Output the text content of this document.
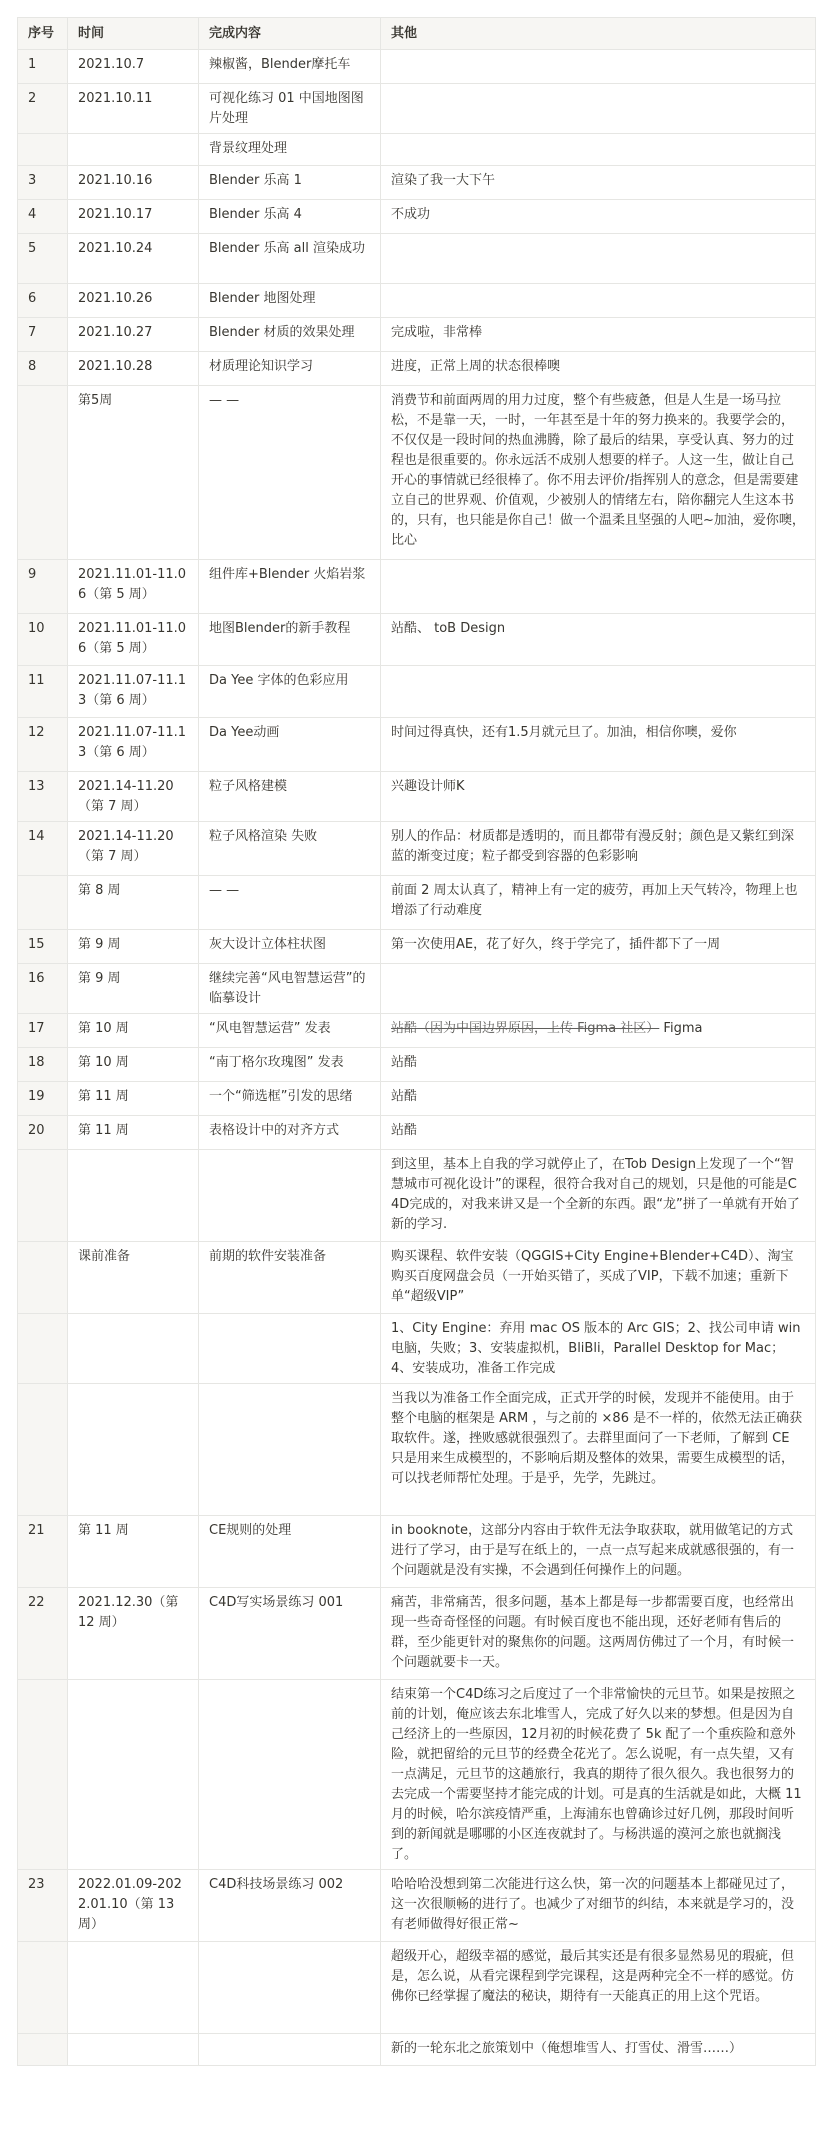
序号	时间	完成内容	其他
1	2021.10.7	辣椒酱，Blender摩托车	
2	2021.10.11	可视化练习 01 中国地图图片处理	
		背景纹理处理	
3	2021.10.16	Blender 乐高 1	渲染了我一大下午
4	2021.10.17	Blender 乐高 4	不成功
5	2021.10.24	Blender 乐高 all 渲染成功	
6	2021.10.26	Blender 地图处理	
7	2021.10.27	Blender 材质的效果处理	完成啦，非常棒
8	2021.10.28	材质理论知识学习	进度，正常上周的状态很棒噢
	第5周	— —	消费节和前面两周的用力过度，整个有些疲惫，但是人生是一场马拉松，不是靠一天，一时，一年甚至是十年的努力换来的。我要学会的，不仅仅是一段时间的热血沸腾，除了最后的结果，享受认真、努力的过程也是很重要的。你永远活不成别人想要的样子。人这一生，做让自己开心的事情就已经很棒了。你不用去评价/指挥别人的意念，但是需要建立自己的世界观、价值观，少被别人的情绪左右，陪你翻完人生这本书的，只有，也只能是你自己！做一个温柔且坚强的人吧~加油，爱你噢，比心
9	2021.11.01-11.06（第 5 周）	组件库+Blender 火焰岩浆	
10	2021.11.01-11.06（第 5 周）	地图Blender的新手教程	站酷、 toB Design
11	2021.11.07-11.13（第 6 周）	Da Yee 字体的色彩应用	
12	2021.11.07-11.13（第 6 周）	Da Yee动画	时间过得真快，还有1.5月就元旦了。加油，相信你噢，爱你
13	2021.14-11.20（第 7 周）	粒子风格建模	兴趣设计师K
14	2021.14-11.20（第 7 周）	粒子风格渲染 失败	别人的作品：材质都是透明的，而且都带有漫反射；颜色是又紫红到深蓝的渐变过度；粒子都受到容器的色彩影响
	第 8 周	— —	前面 2 周太认真了，精神上有一定的疲劳，再加上天气转冷，物理上也增添了行动难度
15	第 9 周	灰大设计立体柱状图	第一次使用AE，花了好久，终于学完了，插件都下了一周
16	第 9 周	继续完善“风电智慧运营”的临摹设计	
17	第 10 周	“风电智慧运营” 发表	站酷（因为中国边界原因，上传 Figma 社区） Figma
18	第 10 周	“南丁格尔玫瑰图” 发表	站酷
19	第 11 周	一个“筛选框”引发的思绪	站酷
20	第 11 周	表格设计中的对齐方式	站酷
			到这里，基本上自我的学习就停止了，在Tob Design上发现了一个“智慧城市可视化设计”的课程，很符合我对自己的规划，只是他的可能是C4D完成的，对我来讲又是一个全新的东西。跟“龙”拼了一单就有开始了新的学习.
	课前准备	前期的软件安装准备	购买课程、软件安装（QGGIS+City Engine+Blender+C4D）、淘宝购买百度网盘会员（一开始买错了，买成了VIP，下载不加速；重新下单“超级VIP”
			1、City Engine：弃用 mac OS 版本的 Arc GIS；2、找公司申请 win 电脑，失败；3、安装虚拟机，BliBli，Parallel Desktop for Mac；4、安装成功，准备工作完成
			当我以为准备工作全面完成，正式开学的时候，发现并不能使用。由于整个电脑的框架是 ARM ，与之前的 ×86 是不一样的，依然无法正确获取软件。遂，挫败感就很强烈了。去群里面问了一下老师，了解到 CE 只是用来生成模型的，不影响后期及整体的效果，需要生成模型的话，可以找老师帮忙处理。于是乎，先学，先跳过。
21	第 11 周	CE规则的处理	in booknote，这部分内容由于软件无法争取获取，就用做笔记的方式进行了学习，由于是写在纸上的，一点一点写起来成就感很强的，有一个问题就是没有实操，不会遇到任何操作上的问题。
22	2021.12.30（第 12 周）	C4D写实场景练习 001	痛苦，非常痛苦，很多问题，基本上都是每一步都需要百度，也经常出现一些奇奇怪怪的问题。有时候百度也不能出现，还好老师有售后的群，至少能更针对的聚焦你的问题。这两周仿佛过了一个月，有时候一个问题就要卡一天。
			结束第一个C4D练习之后度过了一个非常愉快的元旦节。如果是按照之前的计划，俺应该去东北堆雪人，完成了好久以来的梦想。但是因为自己经济上的一些原因，12月初的时候花费了 5k 配了一个重疾险和意外险，就把留给的元旦节的经费全花光了。怎么说呢，有一点失望，又有一点满足，元旦节的这趟旅行，我真的期待了很久很久。我也很努力的去完成一个需要坚持才能完成的计划。可是真的生活就是如此，大概 11 月的时候，哈尔滨疫情严重，上海浦东也曾确诊过好几例，那段时间听到的新闻就是哪哪的小区连夜就封了。与杨洪遥的漠河之旅也就搁浅了。
23	2022.01.09-2022.01.10（第 13 周）	C4D科技场景练习 002	哈哈哈没想到第二次能进行这么快，第一次的问题基本上都碰见过了，这一次很顺畅的进行了。也减少了对细节的纠结，本来就是学习的，没有老师做得好很正常~
			超级开心，超级幸福的感觉，最后其实还是有很多显然易见的瑕疵，但是，怎么说，从看完课程到学完课程，这是两种完全不一样的感觉。仿佛你已经掌握了魔法的秘诀，期待有一天能真正的用上这个咒语。
			新的一轮东北之旅策划中（俺想堆雪人、打雪仗、滑雪……）
